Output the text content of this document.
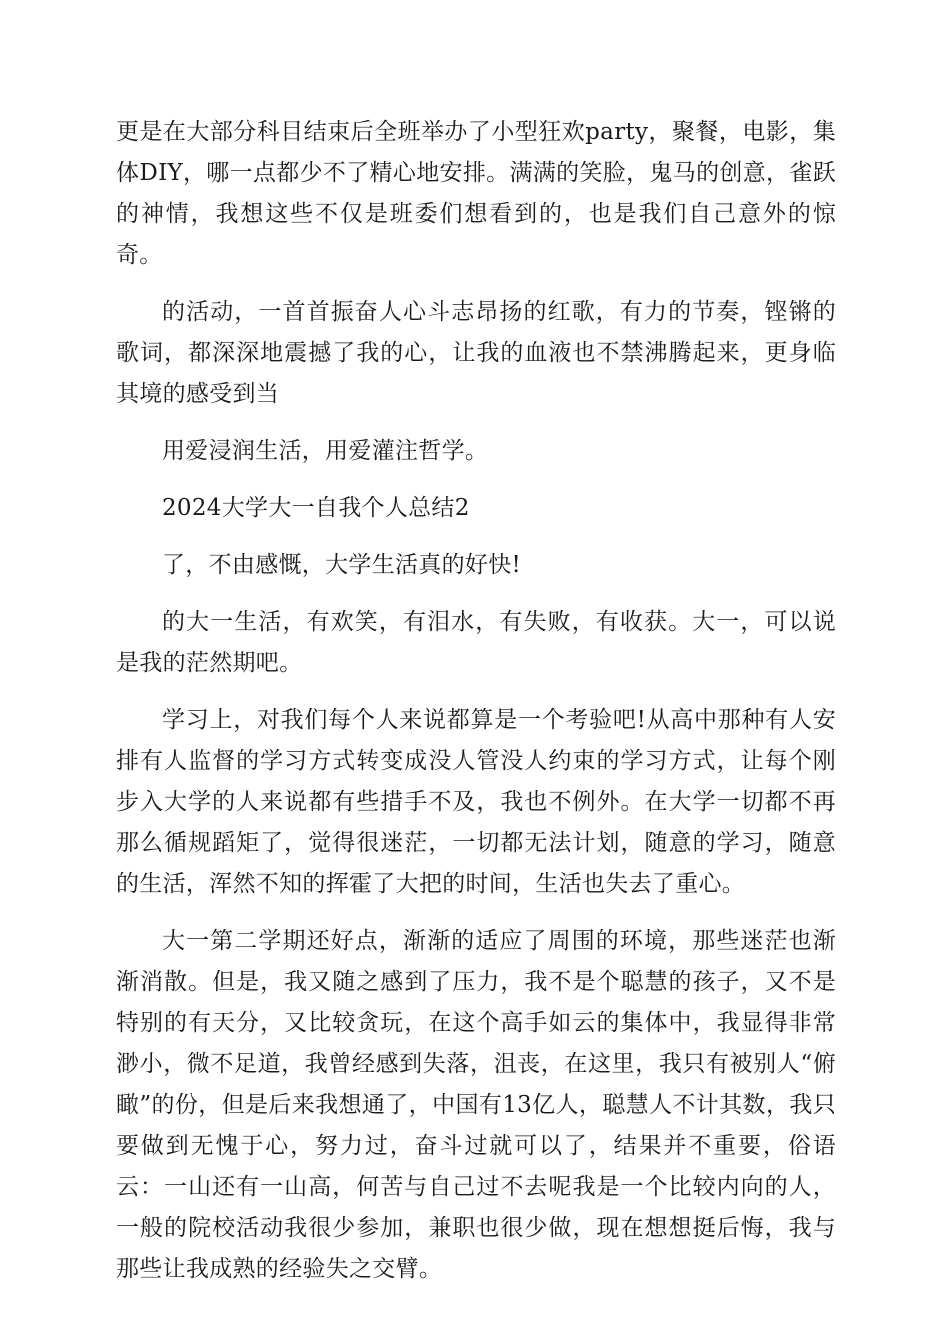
更是在大部分科目结束后全班举办了小型狂欢party，聚餐，电影，集体DIY，哪一点都少不了精心地安排。满满的笑脸，鬼马的创意，雀跃的神情，我想这些不仅是班委们想看到的，也是我们自己意外的惊奇。

的活动，一首首振奋人心斗志昂扬的红歌，有力的节奏，铿锵的歌词，都深深地震撼了我的心，让我的血液也不禁沸腾起来，更身临其境的感受到当

用爱浸润生活，用爱灌注哲学。

2024大学大一自我个人总结2

了，不由感慨，大学生活真的好快!

的大一生活，有欢笑，有泪水，有失败，有收获。大一，可以说是我的茫然期吧。

学习上，对我们每个人来说都算是一个考验吧!从高中那种有人安排有人监督的学习方式转变成没人管没人约束的学习方式，让每个刚步入大学的人来说都有些措手不及，我也不例外。在大学一切都不再那么循规蹈矩了，觉得很迷茫，一切都无法计划，随意的学习，随意的生活，浑然不知的挥霍了大把的时间，生活也失去了重心。

大一第二学期还好点，渐渐的适应了周围的环境，那些迷茫也渐渐消散。但是，我又随之感到了压力，我不是个聪慧的孩子，又不是特别的有天分，又比较贪玩，在这个高手如云的集体中，我显得非常渺小，微不足道，我曾经感到失落，沮丧，在这里，我只有被别人“俯瞰”的份，但是后来我想通了，中国有13亿人，聪慧人不计其数，我只要做到无愧于心，努力过，奋斗过就可以了，结果并不重要，俗语云：一山还有一山高，何苦与自己过不去呢我是一个比较内向的人，一般的院校活动我很少参加，兼职也很少做，现在想想挺后悔，我与那些让我成熟的经验失之交臂。
